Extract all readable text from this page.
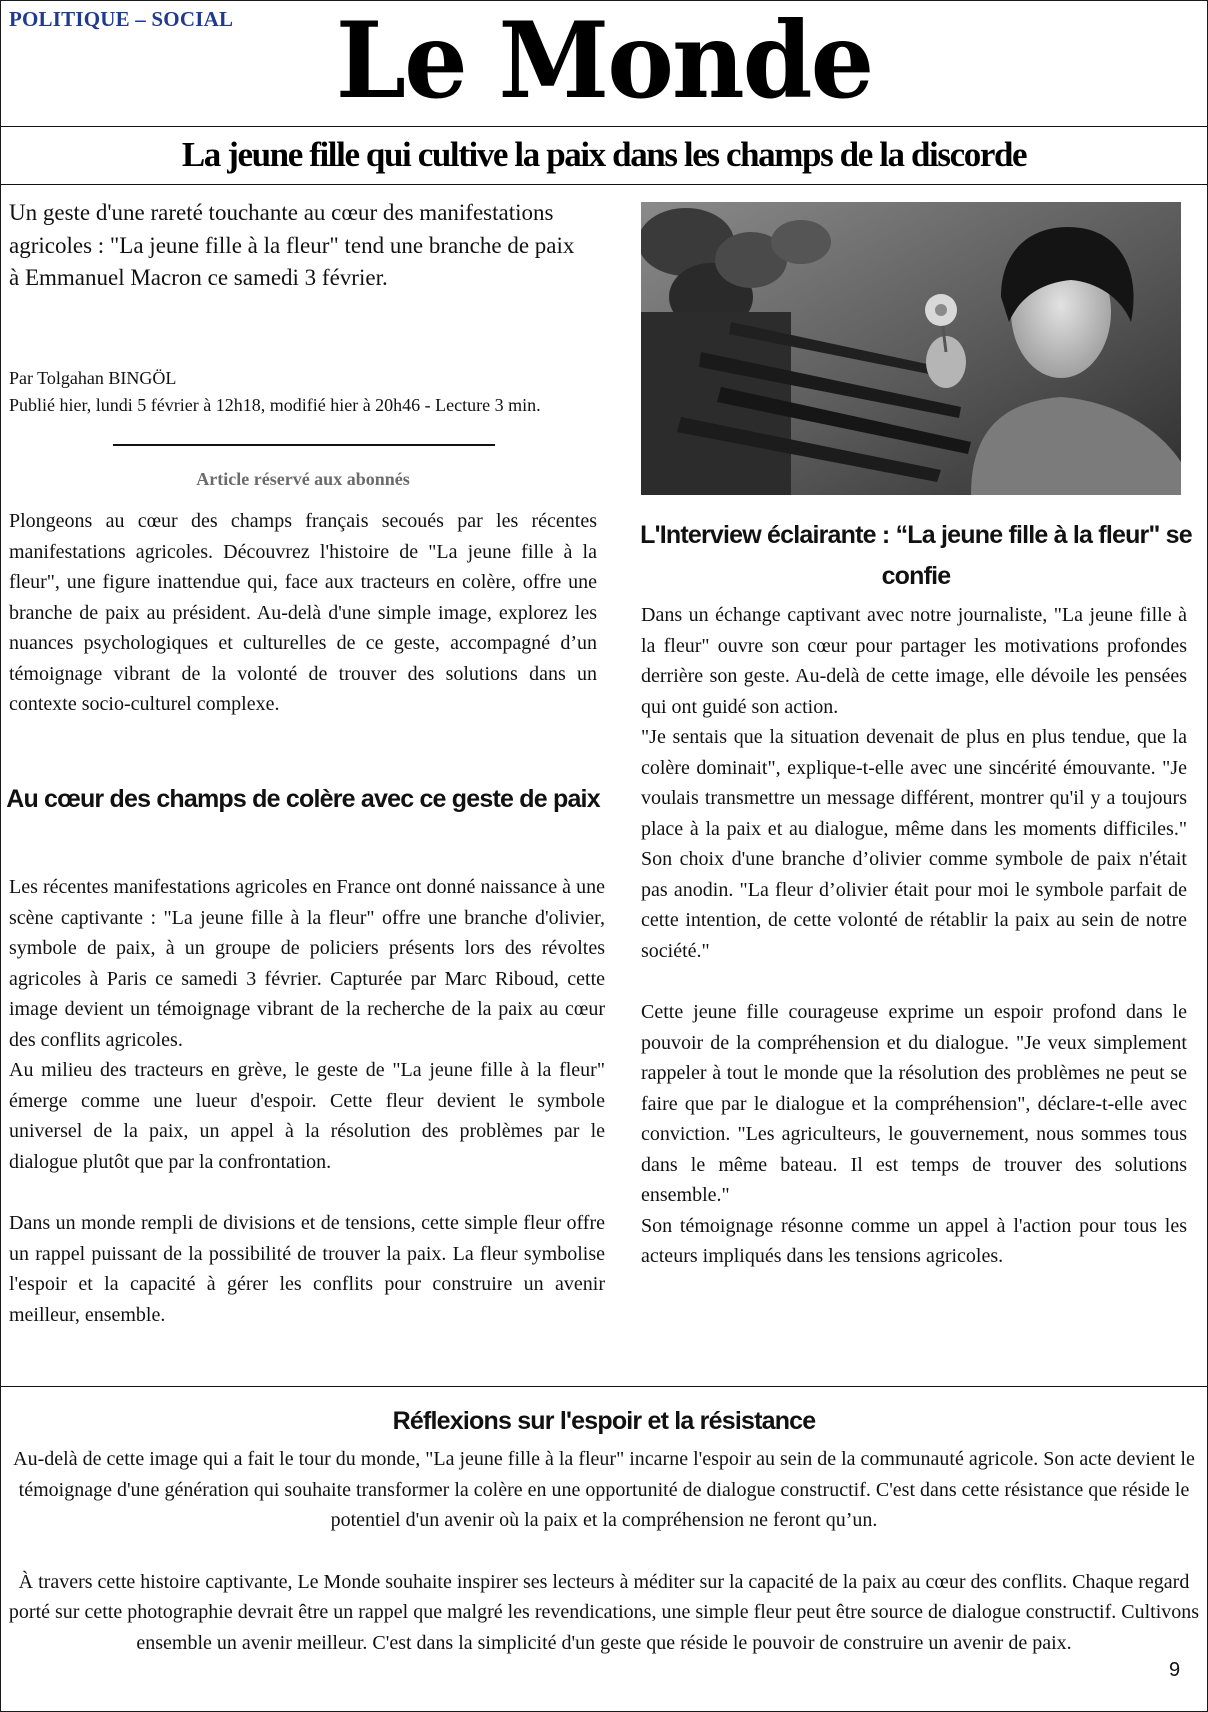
POLITIQUE – SOCIAL	Le Monde
La jeune fille qui cultive la paix dans les champs de la discorde
Un geste d'une rareté touchante au cœur des manifestations agricoles : "La jeune fille à la fleur" tend une branche de paix à Emmanuel Macron ce samedi 3 février.
Par Tolgahan BINGÖL
Publié hier, lundi 5 février à 12h18, modifié hier à 20h46 - Lecture 3 min.
Article réservé aux abonnés
Plongeons au cœur des champs français secoués par les récentes manifestations agricoles. Découvrez l'histoire de "La jeune fille à la fleur", une figure inattendue qui, face aux tracteurs en colère, offre une branche de paix au président. Au-delà d'une simple image, explorez les nuances psychologiques et culturelles de ce geste, accompagné d’un témoignage vibrant de la volonté de trouver des solutions dans un contexte socio-culturel complexe.
Au cœur des champs de colère avec ce geste de paix

Les récentes manifestations agricoles en France ont donné naissance à une scène captivante : "La jeune fille à la fleur" offre une branche d'olivier, symbole de paix, à un groupe de policiers présents lors des révoltes agricoles à Paris ce samedi 3 février. Capturée par Marc Riboud, cette image devient un témoignage vibrant de la recherche de la paix au cœur des conflits agricoles.

Au milieu des tracteurs en grève, le geste de "La jeune fille à la fleur" émerge comme une lueur d'espoir. Cette fleur devient le symbole universel de la paix, un appel à la résolution des problèmes par le dialogue plutôt que par la confrontation.

Dans un monde rempli de divisions et de tensions, cette simple fleur offre un rappel puissant de la possibilité de trouver la paix. La fleur symbolise l'espoir et la capacité à gérer les conflits pour construire un avenir meilleur, ensemble.

L'Interview éclairante : “La jeune fille à la fleur" se confie

Dans un échange captivant avec notre journaliste, "La jeune fille à la fleur" ouvre son cœur pour partager les motivations profondes derrière son geste. Au-delà de cette image, elle dévoile les pensées qui ont guidé son action.

"Je sentais que la situation devenait de plus en plus tendue, que la colère dominait", explique-t-elle avec une sincérité émouvante. "Je voulais transmettre un message différent, montrer qu'il y a toujours place à la paix et au dialogue, même dans les moments difficiles." Son choix d'une branche d’olivier comme symbole de paix n'était pas anodin. "La fleur d’olivier était pour moi le symbole parfait de cette intention, de cette volonté de rétablir la paix au sein de notre société."

Cette jeune fille courageuse exprime un espoir profond dans le pouvoir de la compréhension et du dialogue. "Je veux simplement rappeler à tout le monde que la résolution des problèmes ne peut se faire que par le dialogue et la compréhension", déclare-t-elle avec conviction. "Les agriculteurs, le gouvernement, nous sommes tous dans le même bateau. Il est temps de trouver des solutions ensemble."

Son témoignage résonne comme un appel à l'action pour tous les acteurs impliqués dans les tensions agricoles.

Réflexions sur l'espoir et la résistance

Au-delà de cette image qui a fait le tour du monde, "La jeune fille à la fleur" incarne l'espoir au sein de la communauté agricole. Son acte devient le témoignage d'une génération qui souhaite transformer la colère en une opportunité de dialogue constructif. C'est dans cette résistance que réside le potentiel d'un avenir où la paix et la compréhension ne feront qu’un.

À travers cette histoire captivante, Le Monde souhaite inspirer ses lecteurs à méditer sur la capacité de la paix au cœur des conflits. Chaque regard porté sur cette photographie devrait être un rappel que malgré les revendications, une simple fleur peut être source de dialogue constructif. Cultivons ensemble un avenir meilleur. C'est dans la simplicité d'un geste que réside le pouvoir de construire un avenir de paix.

9
